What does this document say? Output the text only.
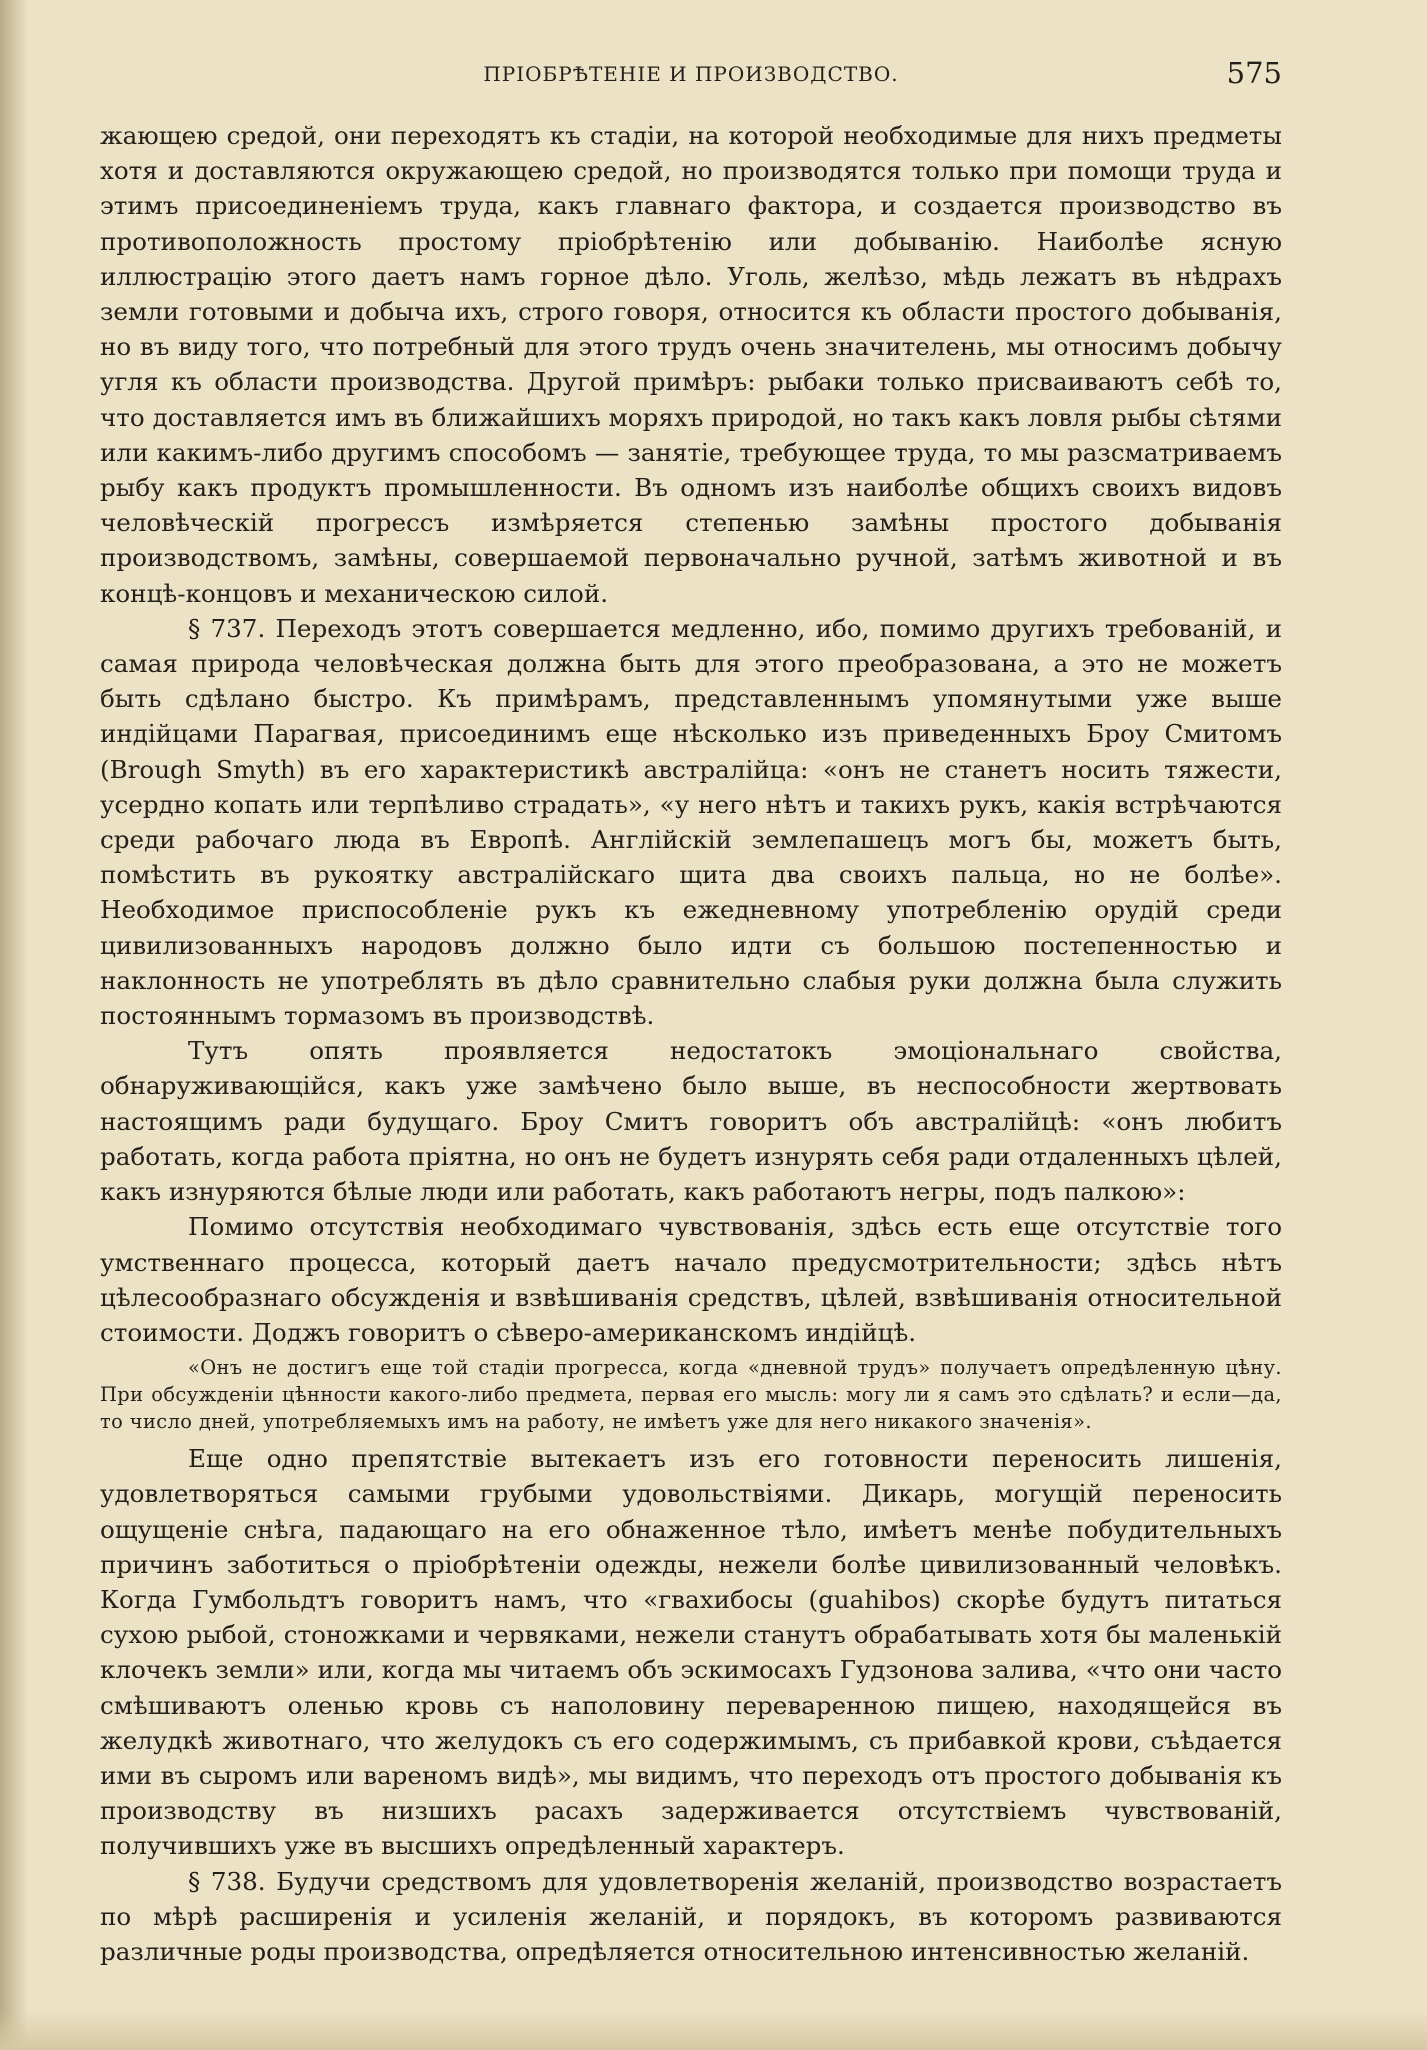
ПРІОБРѢТЕНІЕ И ПРОИЗВОДСТВО.	575

жающею средой, они переходятъ къ стадіи, на которой необходимые для нихъ предметы хотя и доставляются окружающею средой, но производятся только при помощи труда и этимъ присоединеніемъ труда, какъ главнаго фактора, и создается производство въ противоположность простому пріобрѣтенію или добыванію. Наиболѣе ясную иллюстрацію этого даетъ намъ горное дѣло. Уголь, желѣзо, мѣдь лежатъ въ нѣдрахъ земли готовыми и добыча ихъ, строго говоря, относится къ области простого добыванія, но въ виду того, что потребный для этого трудъ очень значителень, мы относимъ добычу угля къ области производства. Другой примѣръ: рыбаки только присваиваютъ себѣ то, что доставляется имъ въ ближайшихъ моряхъ природой, но такъ какъ ловля рыбы сѣтями или какимъ-либо другимъ способомъ — занятіе, требующее труда, то мы разсматриваемъ рыбу какъ продуктъ промышленности. Въ одномъ изъ наиболѣе общихъ своихъ видовъ человѣческій прогрессъ измѣряется степенью замѣны простого добыванія производствомъ, замѣны, совершаемой первоначально ручной, затѣмъ животной и въ концѣ-концовъ и механическою силой.

§ 737. Переходъ этотъ совершается медленно, ибо, помимо другихъ требованій, и самая природа человѣческая должна быть для этого преобразована, а это не можетъ быть сдѣлано быстро. Къ примѣрамъ, представленнымъ упомянутыми уже выше индійцами Парагвая, присоединимъ еще нѣсколько изъ приведенныхъ Броу Смитомъ (Brough Smyth) въ его характеристикѣ австралійца: «онъ не станетъ носить тяжести, усердно копать или терпѣливо страдать», «у него нѣтъ и такихъ рукъ, какія встрѣчаются среди рабочаго люда въ Европѣ. Англійскій землепашецъ могъ бы, можетъ быть, помѣстить въ рукоятку австралійскаго щита два своихъ пальца, но не болѣе». Необходимое приспособленіе рукъ къ ежедневному употребленію орудій среди цивилизованныхъ народовъ должно было идти съ большою постепенностью и наклонность не употреблять въ дѣло сравнительно слабыя руки должна была служить постояннымъ тормазомъ въ производствѣ.

Тутъ опять проявляется недостатокъ эмоціональнаго свойства, обнаруживающійся, какъ уже замѣчено было выше, въ неспособности жертвовать настоящимъ ради будущаго. Броу Смитъ говоритъ объ австралійцѣ: «онъ любитъ работать, когда работа пріятна, но онъ не будетъ изнурять себя ради отдаленныхъ цѣлей, какъ изнуряются бѣлые люди или работать, какъ работаютъ негры, подъ палкою»:

Помимо отсутствія необходимаго чувствованія, здѣсь есть еще отсутствіе того умственнаго процесса, который даетъ начало предусмотрительности; здѣсь нѣтъ цѣлесообразнаго обсужденія и взвѣшиванія средствъ, цѣлей, взвѣшиванія относительной стоимости. Доджъ говоритъ о сѣверо-американскомъ индійцѣ.

«Онъ не достигъ еще той стадіи прогресса, когда «дневной трудъ» получаетъ опредѣленную цѣну. При обсужденіи цѣнности какого-либо предмета, первая его мысль: могу ли я самъ это сдѣлать? и если—да, то число дней, употребляемыхъ имъ на работу, не имѣетъ уже для него никакого значенія».

Еще одно препятствіе вытекаетъ изъ его готовности переносить лишенія, удовлетворяться самыми грубыми удовольствіями. Дикарь, могущій переносить ощущеніе снѣга, падающаго на его обнаженное тѣло, имѣетъ менѣе побудительныхъ причинъ заботиться о пріобрѣтеніи одежды, нежели болѣе цивилизованный человѣкъ. Когда Гумбольдтъ говоритъ намъ, что «гвахибосы (guahibos) скорѣе будутъ питаться сухою рыбой, стоножками и червяками, нежели станутъ обрабатывать хотя бы маленькій клочекъ земли» или, когда мы читаемъ объ эскимосахъ Гудзонова залива, «что они часто смѣшиваютъ оленью кровь съ наполовину переваренною пищею, находящейся въ желудкѣ животнаго, что желудокъ съ его содержимымъ, съ прибавкой крови, съѣдается ими въ сыромъ или вареномъ видѣ», мы видимъ, что переходъ отъ простого добыванія къ производству въ низшихъ расахъ задерживается отсутствіемъ чувствованій, получившихъ уже въ высшихъ опредѣленный характеръ.

§ 738. Будучи средствомъ для удовлетворенія желаній, производство возрастаетъ по мѣрѣ расширенія и усиленія желаній, и порядокъ, въ которомъ развиваются различные роды производства, опредѣляется относительною интенсивностью желаній.
